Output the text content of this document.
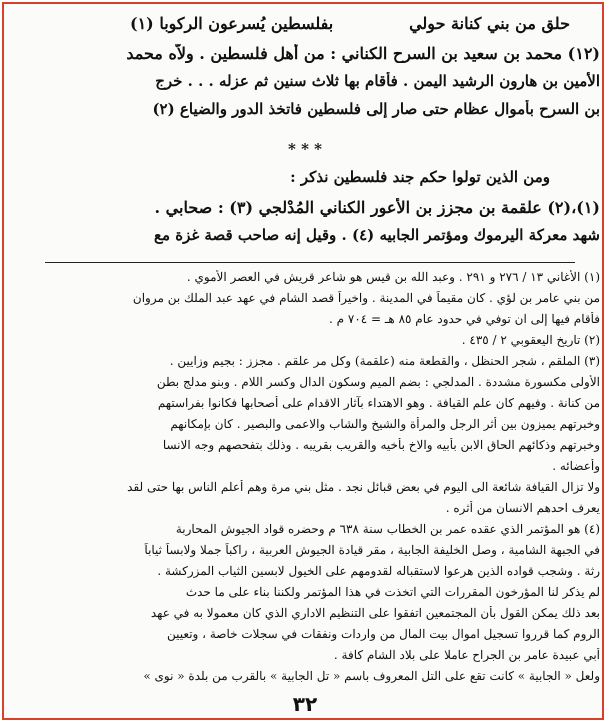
حلق من بني كنانة حولي
بفلسطين يُسرعون الركوبا (١)
(١٢) محمد بن سعيد بن السرح الكناني : من أهل فلسطين . ولاّه محمد
الأمين بن هارون الرشيد اليمن . فأقام بها ثلاث سنين ثم عزله . . . خرج
بن السرح بأموال عظام حتى صار إلى فلسطين فاتخذ الدور والضياع (٢)
* * *
ومن الذين تولوا حكم جند فلسطين نذكر :
(١)،(٢) علقمة بن مجزز بن الأعور الكناني المُدْلجي (٣) : صحابي .
شهد معركة اليرموك ومؤتمر الجابيه (٤) . وقيل إنه صاحب قصة غزة مع
(١) الأغاني ١٣ / ٢٧٦ و ٢٩١ . وعبد الله بن قيس هو شاعر قريش في العصر الأموي .
من بني عامر بن لؤي . كان مقيماً في المدينة . واخيراً قصد الشام في عهد عبد الملك بن مروان
فأقام فيها إلى ان توفي في حدود عام ٨٥ هـ = ٧٠٤ م .
(٢) تاريخ اليعقوبي ٢ / ٤٣٥ .
(٣) الملقم ، شجر الحنظل ، والقطعة منه (علقمة) وكل مر علقم . مجزز : بجيم وزايين .
الأولى مكسورة مشددة . المدلجي : بضم الميم وسكون الدال وكسر اللام . وبنو مدلج بطن
من كنانة . وفيهم كان علم القيافة . وهو الاهتداء بآثار الاقدام على أصحابها فكانوا بفراستهم
وخبرتهم يميزون بين أثر الرجل والمرأة والشيخ والشاب والاعمى والبصير . كان بإمكانهم
وخبرتهم وذكائهم الحاق الابن بأبيه والاخ بأخيه والقريب بقريبه . وذلك بتفحصهم وجه الانسا
وأعضائه .
ولا تزال القيافة شائعة الى اليوم في بعض قبائل نجد . مثل بني مرة وهم أعلم الناس بها حتى لقد
يعرف احدهم الانسان من أثره .
(٤) هو المؤتمر الذي عقده عمر بن الخطاب سنة ٦٣٨ م وحضره قواد الجيوش المحاربة
في الجبهة الشامية ، وصل الخليفة الجابية ، مقر قيادة الجيوش العربية ، راكباً جملا ولابساً ثياباً
رثة . وشجب قواده الذين هرعوا لاستقباله لقدومهم على الخيول لابسين الثياب المزركشة .
لم يذكر لنا المؤرخون المقررات التي اتخذت في هذا المؤتمر ولكننا بناء على ما حدث
بعد ذلك يمكن القول بأن المجتمعين اتفقوا على التنظيم الاداري الذي كان معمولا به في عهد
الروم كما قرروا تسجيل اموال بيت المال من واردات ونفقات في سجلات خاصة ، وتعيين
أبي عبيدة عامر بن الجراح عاملا على بلاد الشام كافة .
ولعل « الجابية » كانت تقع على التل المعروف باسم « تل الجابية » بالقرب من بلدة « نوى »
٣٢
